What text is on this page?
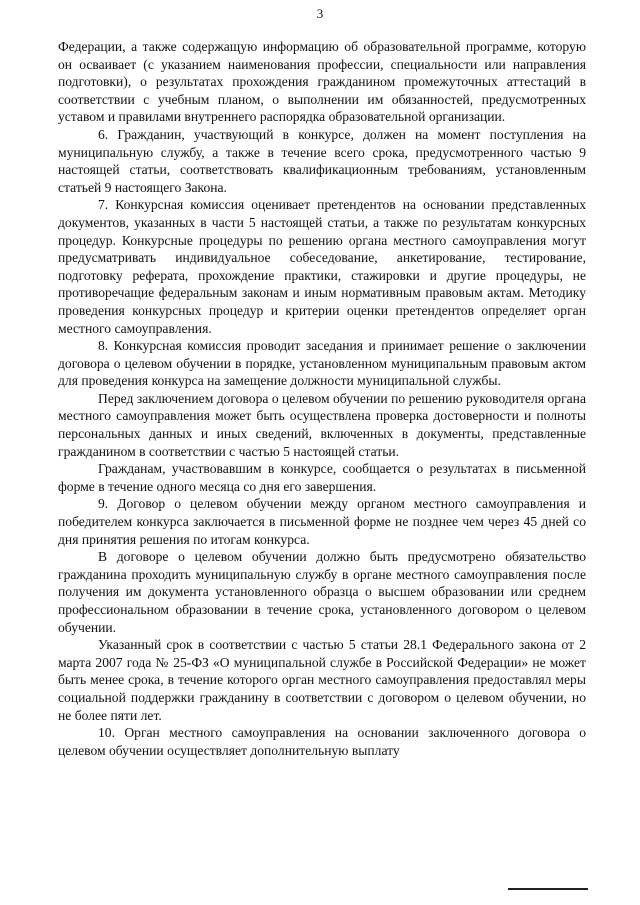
3

Федерации, а также содержащую информацию об образовательной программе, которую он осваивает (с указанием наименования профессии, специальности или направления подготовки), о результатах прохождения гражданином промежуточных аттестаций в соответствии с учебным планом, о выполнении им обязанностей, предусмотренных уставом и правилами внутреннего распорядка образовательной организации.

6. Гражданин, участвующий в конкурсе, должен на момент поступления на муниципальную службу, а также в течение всего срока, предусмотренного частью 9 настоящей статьи, соответствовать квалификационным требованиям, установленным статьей 9 настоящего Закона.

7. Конкурсная комиссия оценивает претендентов на основании представленных документов, указанных в части 5 настоящей статьи, а также по результатам конкурсных процедур. Конкурсные процедуры по решению органа местного самоуправления могут предусматривать индивидуальное собеседование, анкетирование, тестирование, подготовку реферата, прохождение практики, стажировки и другие процедуры, не противоречащие федеральным законам и иным нормативным правовым актам. Методику проведения конкурсных процедур и критерии оценки претендентов определяет орган местного самоуправления.

8. Конкурсная комиссия проводит заседания и принимает решение о заключении договора о целевом обучении в порядке, установленном муниципальным правовым актом для проведения конкурса на замещение должности муниципальной службы.

Перед заключением договора о целевом обучении по решению руководителя органа местного самоуправления может быть осуществлена проверка достоверности и полноты персональных данных и иных сведений, включенных в документы, представленные гражданином в соответствии с частью 5 настоящей статьи.

Гражданам, участвовавшим в конкурсе, сообщается о результатах в письменной форме в течение одного месяца со дня его завершения.

9. Договор о целевом обучении между органом местного самоуправления и победителем конкурса заключается в письменной форме не позднее чем через 45 дней со дня принятия решения по итогам конкурса.

В договоре о целевом обучении должно быть предусмотрено обязательство гражданина проходить муниципальную службу в органе местного самоуправления после получения им документа установленного образца о высшем образовании или среднем профессиональном образовании в течение срока, установленного договором о целевом обучении.

Указанный срок в соответствии с частью 5 статьи 28.1 Федерального закона от 2 марта 2007 года № 25-ФЗ «О муниципальной службе в Российской Федерации» не может быть менее срока, в течение которого орган местного самоуправления предоставлял меры социальной поддержки гражданину в соответствии с договором о целевом обучении, но не более пяти лет.

10. Орган местного самоуправления на основании заключенного договора о целевом обучении осуществляет дополнительную выплату
